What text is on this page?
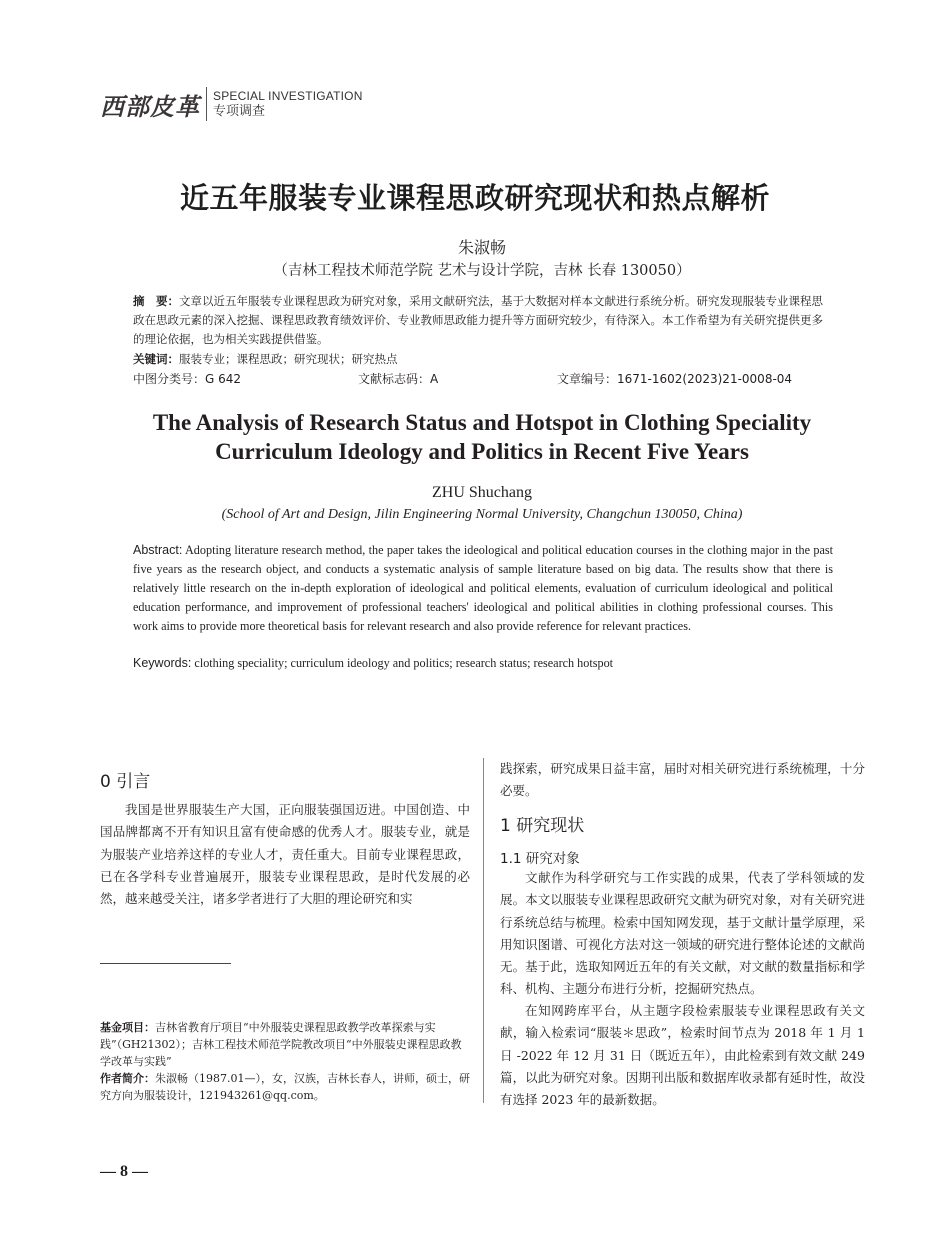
西部皮革 SPECIAL INVESTIGATION
专项调查
近五年服装专业课程思政研究现状和热点解析
朱淑畅
（吉林工程技术师范学院 艺术与设计学院，吉林 长春 130050）
摘　要：文章以近五年服装专业课程思政为研究对象，采用文献研究法，基于大数据对样本文献进行系统分析。研究发现服装专业课程思政在思政元素的深入挖掘、课程思政教育绩效评价、专业教师思政能力提升等方面研究较少，有待深入。本工作希望为有关研究提供更多的理论依据，也为相关实践提供借鉴。
关键词：服装专业；课程思政；研究现状；研究热点
中图分类号：G 642	文献标志码：A	文章编号：1671-1602(2023)21-0008-04
The Analysis of Research Status and Hotspot in Clothing Speciality
Curriculum Ideology and Politics in Recent Five Years
ZHU Shuchang
(School of Art and Design, Jilin Engineering Normal University, Changchun 130050, China)
Abstract: Adopting literature research method, the paper takes the ideological and political education courses in the clothing major in the past five years as the research object, and conducts a systematic analysis of sample literature based on big data. The results show that there is relatively little research on the in-depth exploration of ideological and political elements, evaluation of curriculum ideological and political education performance, and improvement of professional teachers' ideological and political abilities in clothing professional courses. This work aims to provide more theoretical basis for relevant research and also provide reference for relevant practices.
Keywords: clothing speciality; curriculum ideology and politics; research status; research hotspot
0 引言
我国是世界服装生产大国，正向服装强国迈进。中国创造、中国品牌都离不开有知识且富有使命感的优秀人才。服装专业，就是为服装产业培养这样的专业人才，责任重大。目前专业课程思政，已在各学科专业普遍展开，服装专业课程思政，是时代发展的必然，越来越受关注，诸多学者进行了大胆的理论研究和实
践探索，研究成果日益丰富，届时对相关研究进行系统梳理，十分必要。
1 研究现状
1.1 研究对象
文献作为科学研究与工作实践的成果，代表了学科领域的发展。本文以服装专业课程思政研究文献为研究对象，对有关研究进行系统总结与梳理。检索中国知网发现，基于文献计量学原理，采用知识图谱、可视化方法对这一领域的研究进行整体论述的文献尚无。基于此，选取知网近五年的有关文献，对文献的数量指标和学科、机构、主题分布进行分析，挖掘研究热点。
在知网跨库平台，从主题字段检索服装专业课程思政有关文献，输入检索词“服装＊思政”，检索时间节点为 2018 年 1 月 1 日 -2022 年 12 月 31 日（既近五年），由此检索到有效文献 249 篇，以此为研究对象。因期刊出版和数据库收录都有延时性，故没有选择 2023 年的最新数据。
基金项目：吉林省教育厅项目“中外服装史课程思政教学改革探索与实践”（GH21302）；吉林工程技术师范学院教改项目“中外服装史课程思政教学改革与实践”
作者简介：朱淑畅（1987.01—），女，汉族，吉林长春人，讲师，硕士，研究方向为服装设计，121943261@qq.com。
— 8 —
